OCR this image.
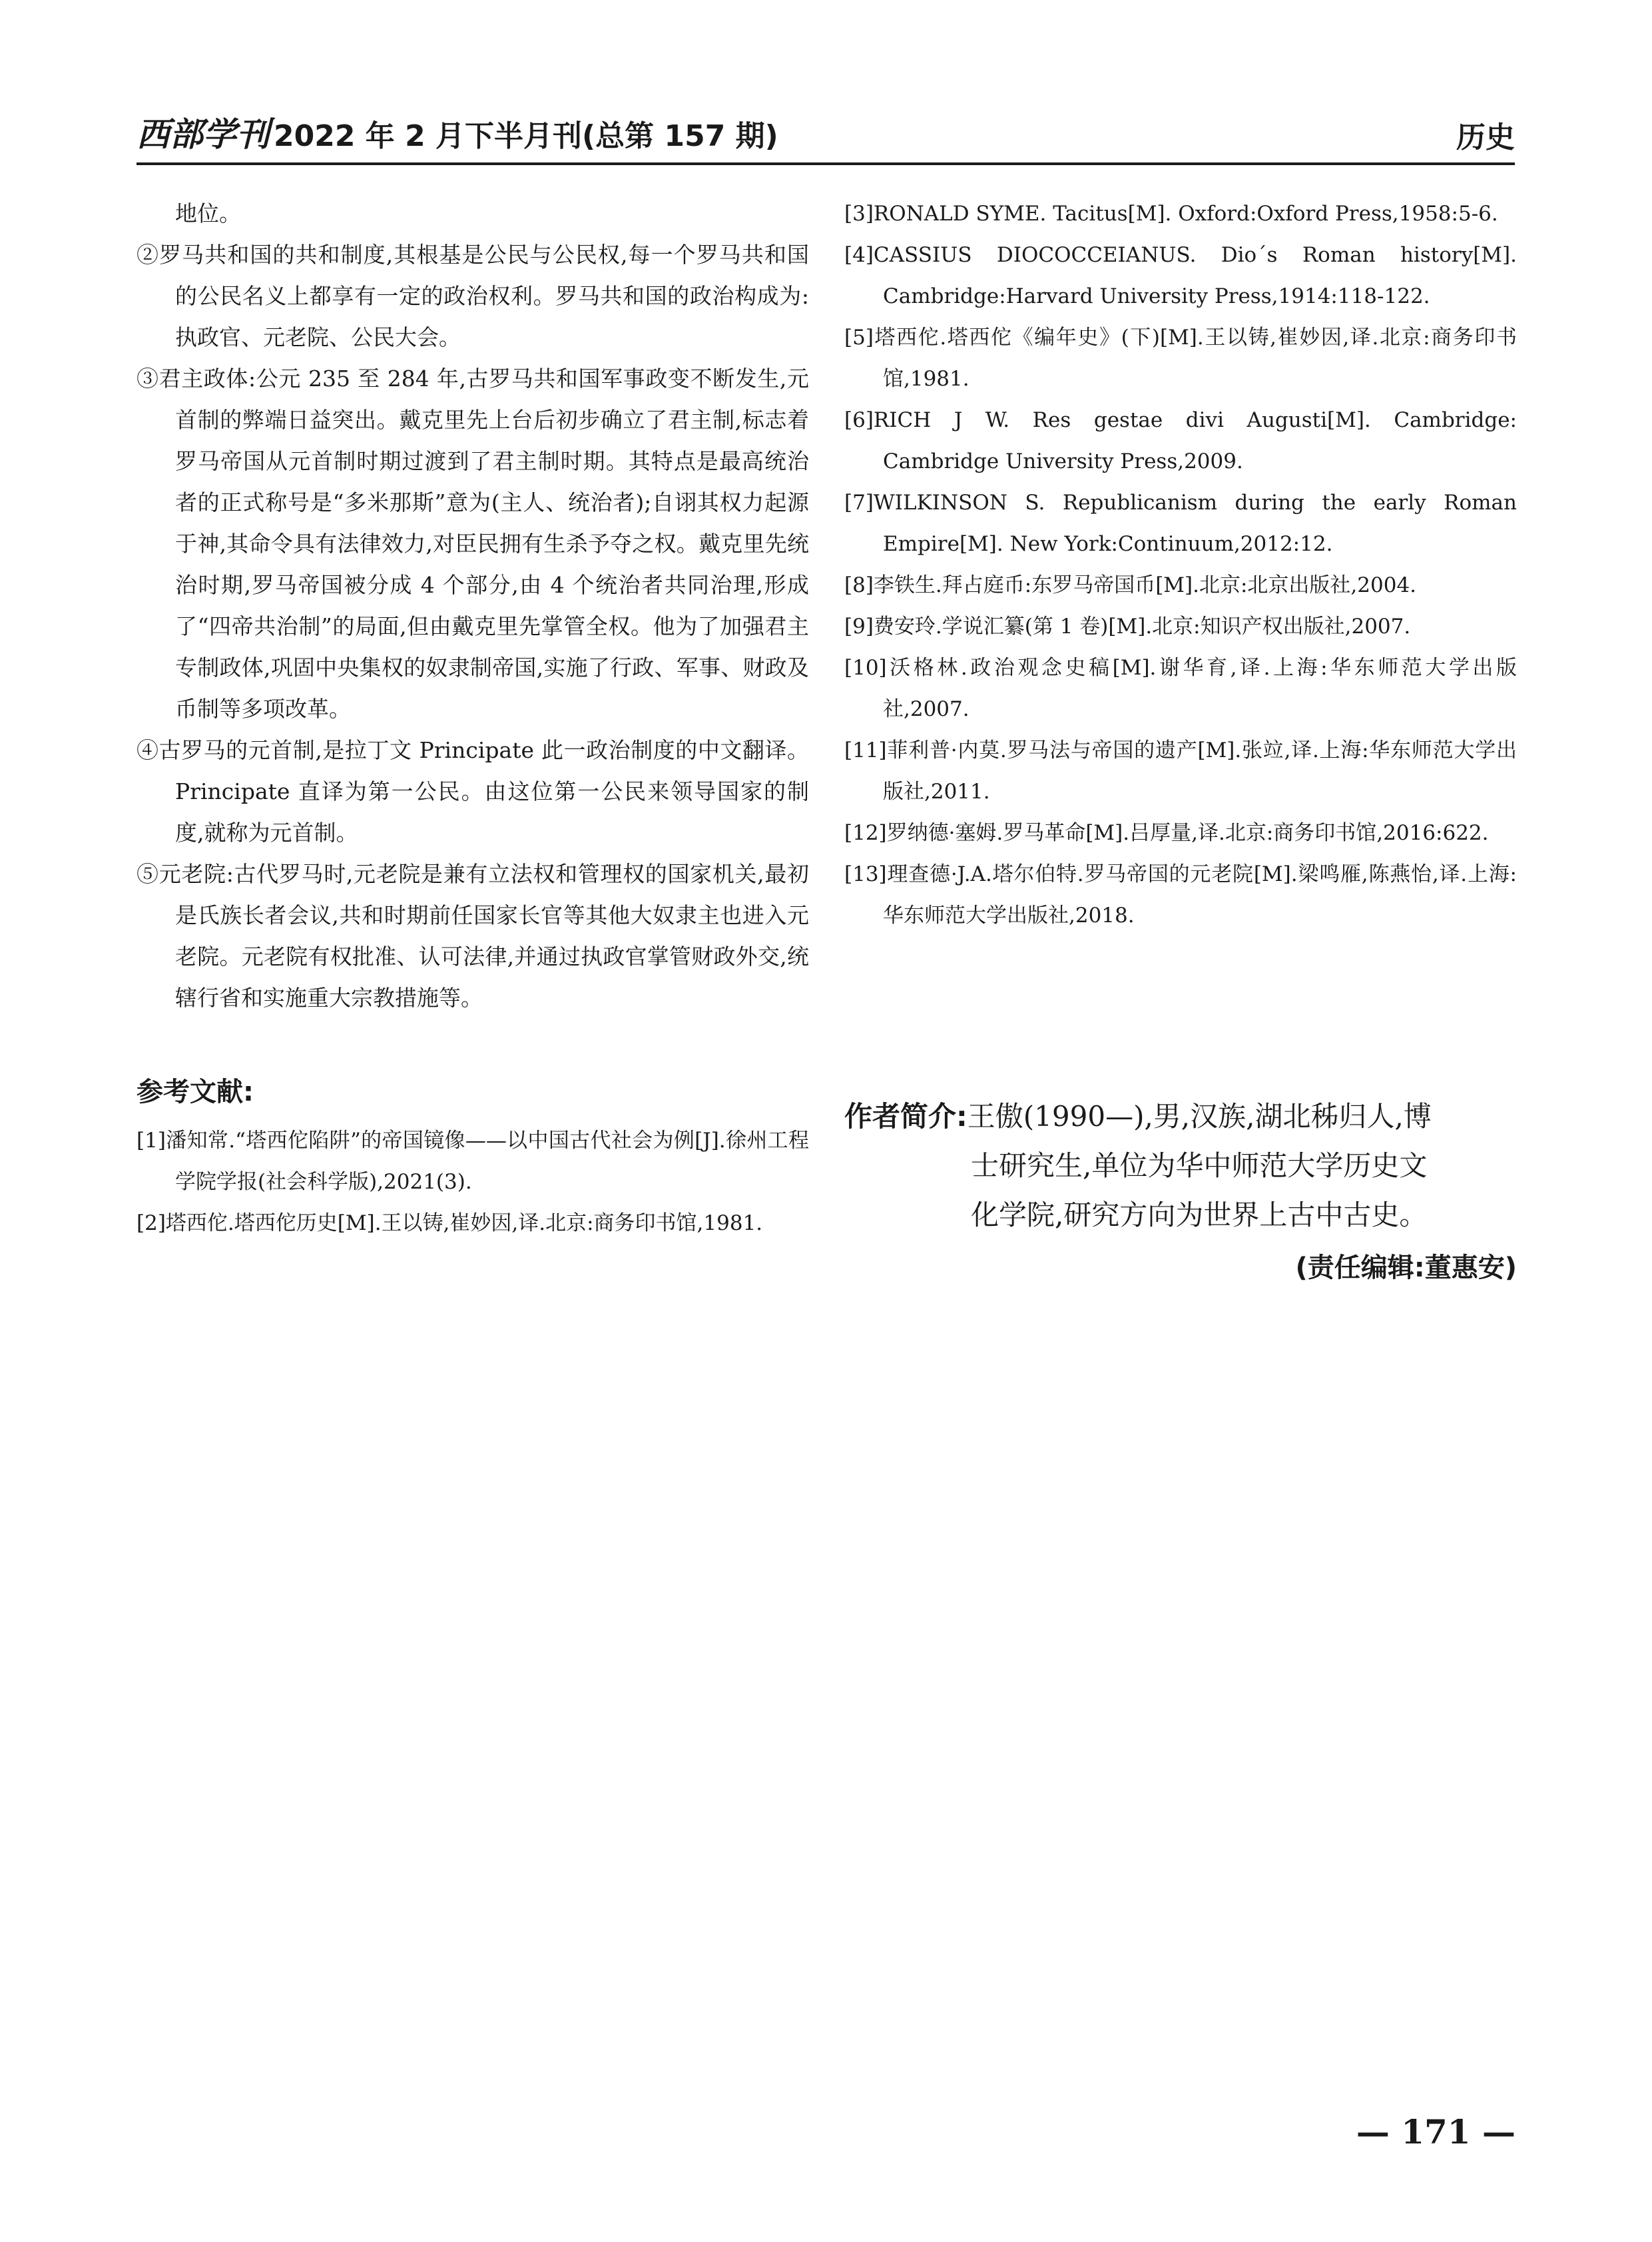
西部学刊 2022 年 2 月下半月刊(总第 157 期)	历史

地位。

②罗马共和国的共和制度,其根基是公民与公民权,每一个罗马共和国的公民名义上都享有一定的政治权利。罗马共和国的政治构成为:执政官、元老院、公民大会。

③君主政体:公元 235 至 284 年,古罗马共和国军事政变不断发生,元首制的弊端日益突出。戴克里先上台后初步确立了君主制,标志着罗马帝国从元首制时期过渡到了君主制时期。其特点是最高统治者的正式称号是“多米那斯”意为(主人、统治者);自诩其权力起源于神,其命令具有法律效力,对臣民拥有生杀予夺之权。戴克里先统治时期,罗马帝国被分成 4 个部分,由 4 个统治者共同治理,形成了“四帝共治制”的局面,但由戴克里先掌管全权。他为了加强君主专制政体,巩固中央集权的奴隶制帝国,实施了行政、军事、财政及币制等多项改革。

④古罗马的元首制,是拉丁文 Principate 此一政治制度的中文翻译。Principate 直译为第一公民。由这位第一公民来领导国家的制度,就称为元首制。

⑤元老院:古代罗马时,元老院是兼有立法权和管理权的国家机关,最初是氏族长者会议,共和时期前任国家长官等其他大奴隶主也进入元老院。元老院有权批准、认可法律,并通过执政官掌管财政外交,统辖行省和实施重大宗教措施等。

参考文献:

[1]潘知常.“塔西佗陷阱”的帝国镜像——以中国古代社会为例[J].徐州工程学院学报(社会科学版),2021(3).

[2]塔西佗.塔西佗历史[M].王以铸,崔妙因,译.北京:商务印书馆,1981.

[3]RONALD SYME. Tacitus[M]. Oxford:Oxford Press,1958:5-6.

[4]CASSIUS DIOCOCCEIANUS. Dio´s Roman history[M]. Cambridge:Harvard University Press,1914:118-122.

[5]塔西佗.塔西佗《编年史》(下)[M].王以铸,崔妙因,译.北京:商务印书馆,1981.

[6]RICH J W. Res gestae divi Augusti[M]. Cambridge: Cambridge University Press,2009.

[7]WILKINSON S. Republicanism during the early Roman Empire[M]. New York:Continuum,2012:12.

[8]李铁生.拜占庭币:东罗马帝国币[M].北京:北京出版社,2004.

[9]费安玲.学说汇纂(第 1 卷)[M].北京:知识产权出版社,2007.

[10]沃格林.政治观念史稿[M].谢华育,译.上海:华东师范大学出版社,2007.

[11]菲利普·内莫.罗马法与帝国的遗产[M].张竝,译.上海:华东师范大学出版社,2011.

[12]罗纳德·塞姆.罗马革命[M].吕厚量,译.北京:商务印书馆,2016:622.

[13]理查德·J.A.塔尔伯特.罗马帝国的元老院[M].梁鸣雁,陈燕怡,译.上海:华东师范大学出版社,2018.

作者简介:王傲(1990—),男,汉族,湖北秭归人,博
士研究生,单位为华中师范大学历史文
化学院,研究方向为世界上古中古史。
(责任编辑:董惠安)
— 171 —
